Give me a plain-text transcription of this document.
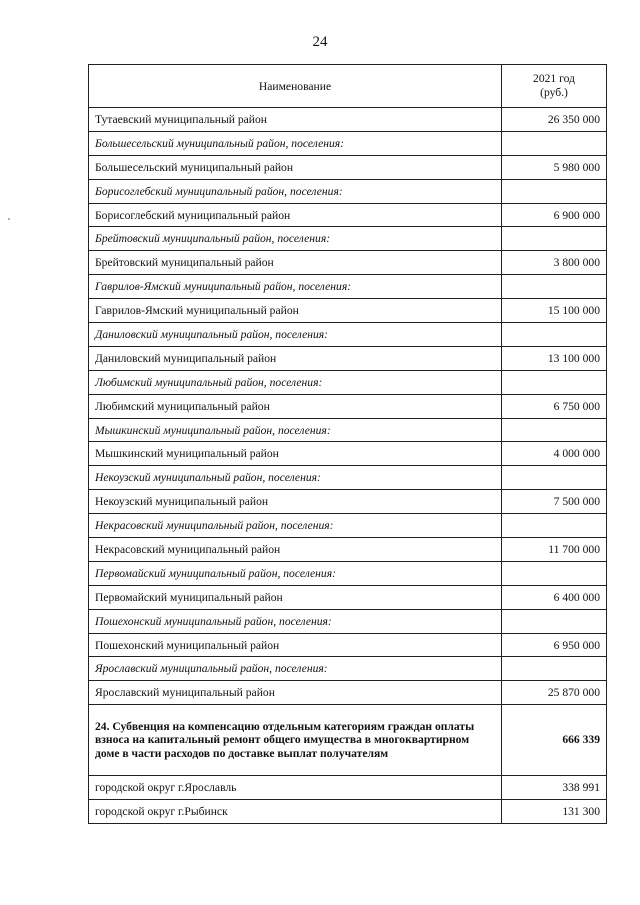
24
Наименование	2021 год
(руб.)
Тутаевский муниципальный район	26 350 000
Большесельский муниципальный район, поселения:	
Большесельский муниципальный район	5 980 000
Борисоглебский муниципальный район, поселения:	
Борисоглебский муниципальный район	6 900 000
Брейтовский муниципальный район, поселения:	
Брейтовский муниципальный район	3 800 000
Гаврилов-Ямский муниципальный район, поселения:	
Гаврилов-Ямский муниципальный район	15 100 000
Даниловский муниципальный район, поселения:	
Даниловский муниципальный район	13 100 000
Любимский муниципальный район, поселения:	
Любимский муниципальный район	6 750 000
Мышкинский муниципальный район, поселения:	
Мышкинский муниципальный район	4 000 000
Некоузский муниципальный район, поселения:	
Некоузский муниципальный район	7 500 000
Некрасовский муниципальный район, поселения:	
Некрасовский муниципальный район	11 700 000
Первомайский муниципальный район, поселения:	
Первомайский муниципальный район	6 400 000
Пошехонский муниципальный район, поселения:	
Пошехонский муниципальный район	6 950 000
Ярославский муниципальный район, поселения:	
Ярославский муниципальный район	25 870 000
24. Субвенция на компенсацию отдельным категориям граждан оплаты взноса на капитальный ремонт общего имущества в многоквартирном доме в части расходов по доставке выплат получателям	666 339
городской округ г.Ярославль	338 991
городской округ г.Рыбинск	131 300
